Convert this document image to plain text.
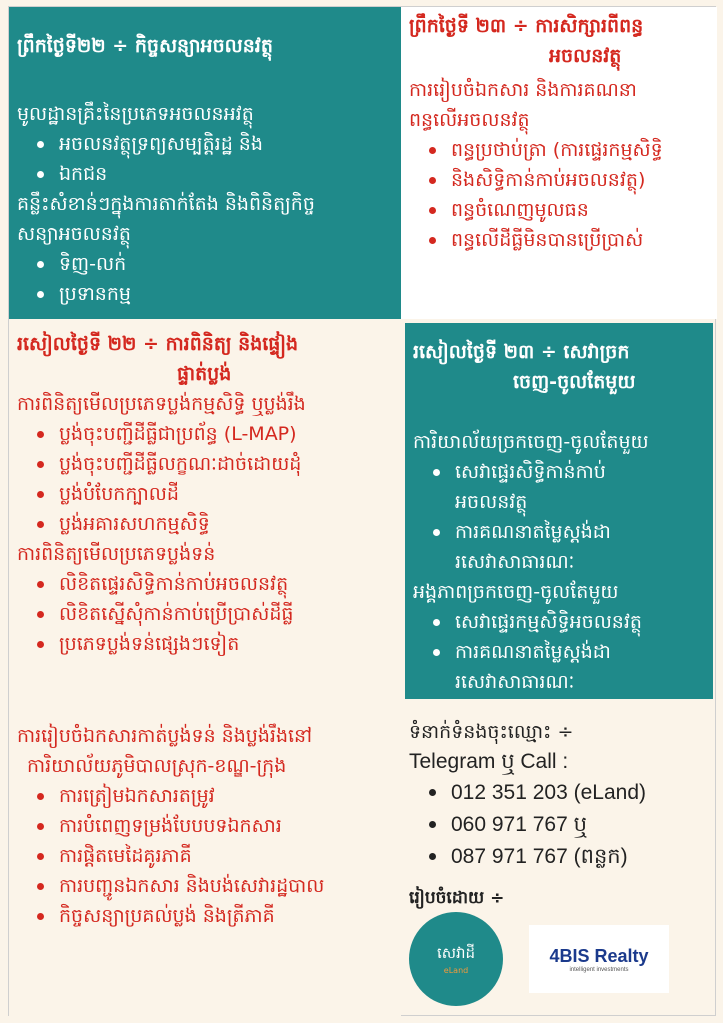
ព្រឹកថ្ងៃទី២២ ÷ កិច្ចសន្យាអចលនវត្ថុ
មូលដ្ឋានគ្រឹះនៃប្រភេទអចលនអវត្ថុ
អចលនវត្ថុទ្រព្យសម្បត្តិរដ្ឋ និង
ឯកជន
គន្លឹះសំខាន់ៗក្នុងការតាក់តែង និងពិនិត្យកិច្ច
សន្យាអចលនវត្ថុ
ទិញ-លក់
ប្រទានកម្ម
ព្រឹកថ្ងៃទី ២៣ ÷ ការសិក្សារពីពន្ធ
អចលនវត្ថុ
ការរៀបចំឯកសារ និងការគណនា
ពន្ធលើអចលនវត្ថុ
ពន្ធប្រថាប់ត្រា (ការផ្ទេរកម្មសិទ្ធិ
និងសិទ្ធិកាន់កាប់អចលនវត្ថុ)
ពន្ធចំណេញមូលធន
ពន្ធលើដីធ្លីមិនបានប្រើប្រាស់
រសៀលថ្ងៃទី ២២ ÷ ការពិនិត្យ និងផ្ទៀង
ផ្ទាត់ប្លង់
ការពិនិត្យមើលប្រភេទប្លង់កម្មសិទ្ធិ ឬប្លង់រឹង
ប្លង់ចុះបញ្ជីដីធ្លីជាប្រព័ន្ធ (L-MAP)
ប្លង់ចុះបញ្ជីដីធ្លីលក្ខណៈដាច់ដោយដុំ
ប្លង់បំបែកក្បាលដី
ប្លង់អគារសហកម្មសិទ្ធិ
ការពិនិត្យមើលប្រភេទប្លង់ទន់
លិខិតផ្ទេរសិទ្ធិកាន់កាប់អចលនវត្ថុ
លិខិតស្នើសុំកាន់កាប់ប្រើប្រាស់ដីធ្លី
ប្រភេទប្លង់ទន់ផ្សេងៗទៀត
រសៀលថ្ងៃទី ២៣ ÷ សេវាច្រក
ចេញ-ចូលតែមួយ
ការិយាល័យច្រកចេញ-ចូលតែមួយ
សេវាផ្ទេរសិទ្ធិកាន់កាប់
អចលនវត្ថុ
ការគណនាតម្លៃស្តង់ដា
រសេវាសាធារណៈ
អង្គភាពច្រកចេញ-ចូលតែមួយ
សេវាផ្ទេរកម្មសិទ្ធិអចលនវត្ថុ
ការគណនាតម្លៃស្តង់ដា
រសេវាសាធារណៈ
ការរៀបចំឯកសារកាត់ប្លង់ទន់ និងប្លង់រឹងនៅ
ការិយាល័យភូមិបាលស្រុក-ខណ្ឌ-ក្រុង
ការត្រៀមឯកសារតម្រូវ
ការបំពេញទម្រង់បែបបទឯកសារ
ការផ្តិតមេដៃគូរភាគី
ការបញ្ជូនឯកសារ និងបង់សេវារដ្ឋបាល
កិច្ចសន្យាប្រគល់ប្លង់ និងត្រីភាគី
ទំនាក់ទំនងចុះឈ្មោះ ÷
Telegram ឬ Call :
012 351 203 (eLand)
060 971 767 ឬ
087 971 767 (ពន្លក)
រៀបចំដោយ ÷
សេវាដី
eLand
4BIS Realty
intelligent investments
